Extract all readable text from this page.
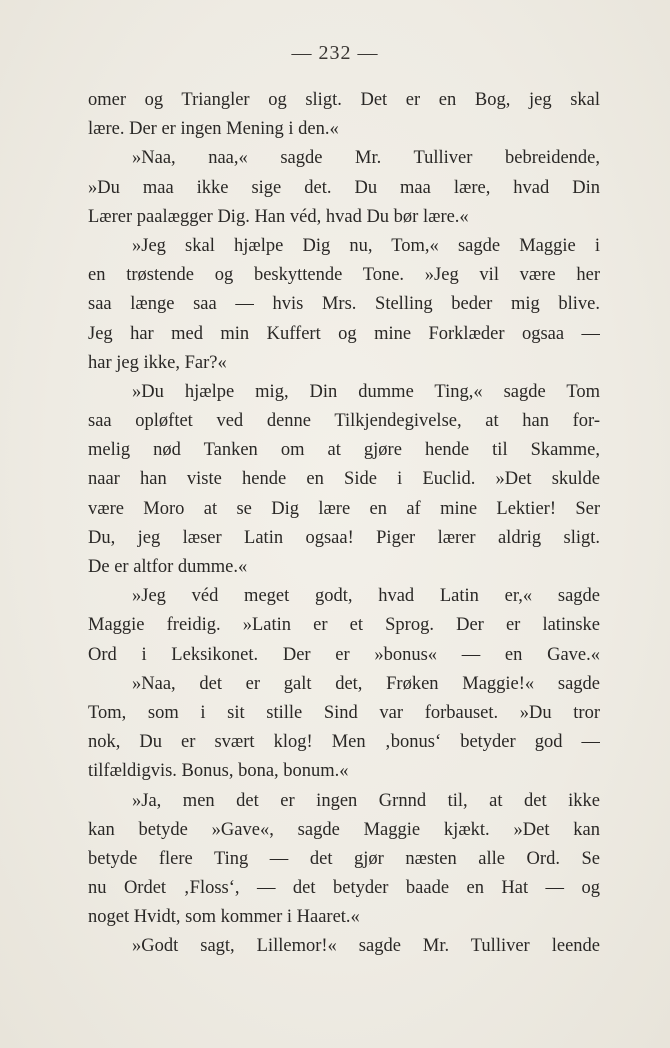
— 232 —
omer og Triangler og sligt. Det er en Bog, jeg skal
lære. Der er ingen Mening i den.«
»Naa, naa,« sagde Mr. Tulliver bebreidende,
»Du maa ikke sige det. Du maa lære, hvad Din
Lærer paalægger Dig. Han véd, hvad Du bør lære.«
»Jeg skal hjælpe Dig nu, Tom,« sagde Maggie i
en trøstende og beskyttende Tone. »Jeg vil være her
saa længe saa — hvis Mrs. Stelling beder mig blive.
Jeg har med min Kuffert og mine Forklæder ogsaa —
har jeg ikke, Far?«
»Du hjælpe mig, Din dumme Ting,« sagde Tom
saa opløftet ved denne Tilkjendegivelse, at han for-
melig nød Tanken om at gjøre hende til Skamme,
naar han viste hende en Side i Euclid. »Det skulde
være Moro at se Dig lære en af mine Lektier! Ser
Du, jeg læser Latin ogsaa! Piger lærer aldrig sligt.
De er altfor dumme.«
»Jeg véd meget godt, hvad Latin er,« sagde
Maggie freidig. »Latin er et Sprog. Der er latinske
Ord i Leksikonet. Der er »bonus« — en Gave.«
»Naa, det er galt det, Frøken Maggie!« sagde
Tom, som i sit stille Sind var forbauset. »Du tror
nok, Du er svært klog! Men ‚bonus‘ betyder god —
tilfældigvis. Bonus, bona, bonum.«
»Ja, men det er ingen Grnnd til, at det ikke
kan betyde »Gave«, sagde Maggie kjækt. »Det kan
betyde flere Ting — det gjør næsten alle Ord. Se
nu Ordet ‚Floss‘, — det betyder baade en Hat — og
noget Hvidt, som kommer i Haaret.«
»Godt sagt, Lillemor!« sagde Mr. Tulliver leende
